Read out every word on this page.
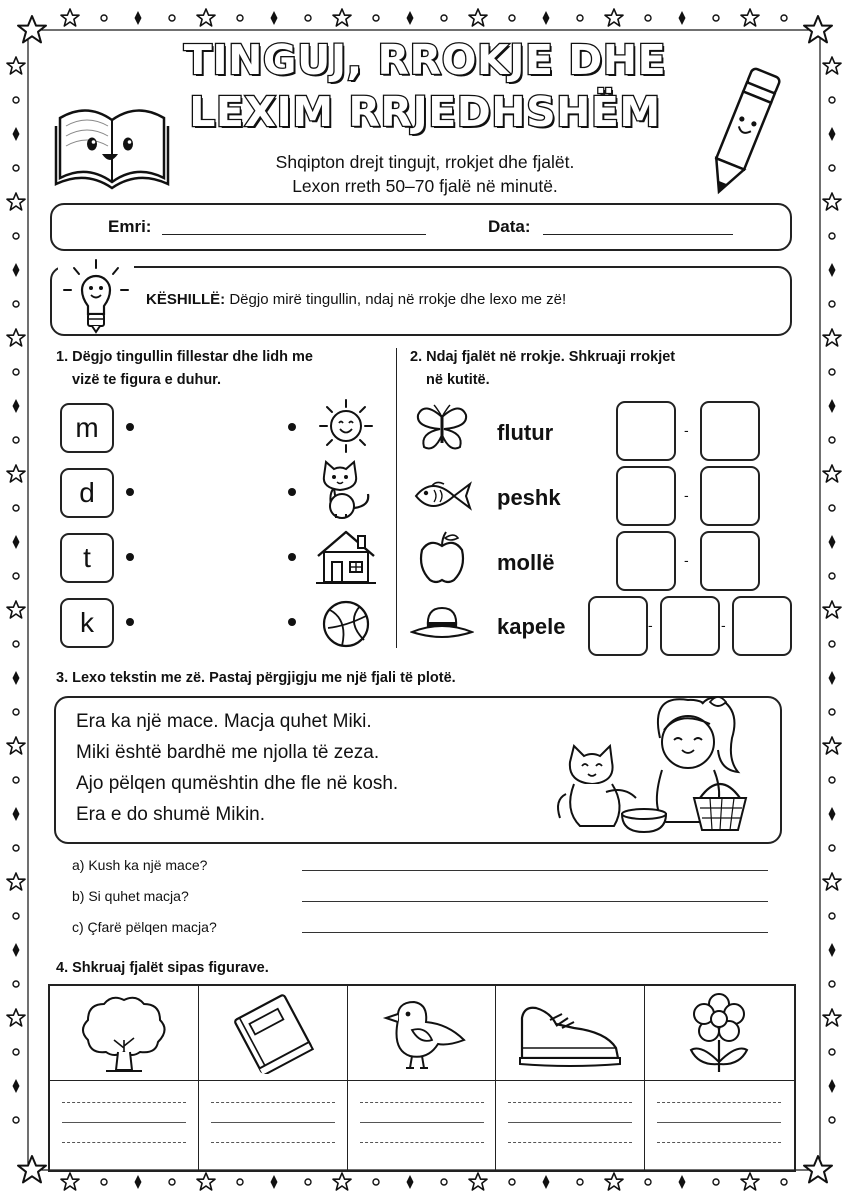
TINGUJ, RROKJE DHE
LEXIM RRJEDHSHËM
Shqipton drejt tingujt, rrokjet dhe fjalët.
Lexon rreth 50–70 fjalë në minutë.
Emri:	Data:
KËSHILLË: Dëgjo mirë tingullin, ndaj në rrokje dhe lexo me zë!
1. Dëgjo tingullin fillestar dhe lidh me
vizë te figura e duhur.
m
d
t
k
2. Ndaj fjalët në rrokje. Shkruaji rrokjet
në kutitë.
flutur
peshk
mollë
kapele
-
-
-
-	-
3. Lexo tekstin me zë. Pastaj përgjigju me një fjali të plotë.
Era ka një mace. Macja quhet Miki.
Miki është bardhë me njolla të zeza.
Ajo pëlqen qumështin dhe fle në kosh.
Era e do shumë Mikin.
a) Kush ka një mace?
b) Si quhet macja?
c) Çfarë pëlqen macja?
4. Shkruaj fjalët sipas figurave.
